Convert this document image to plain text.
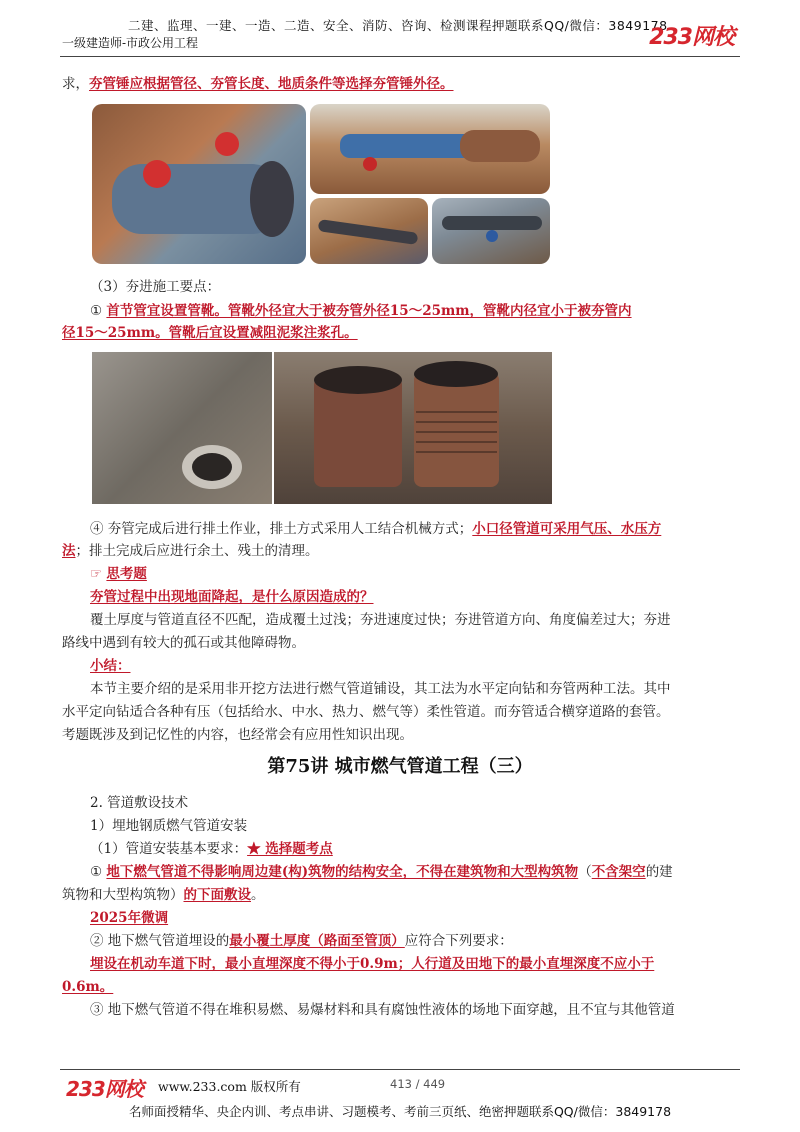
二建、监理、一建、一造、二造、安全、消防、咨询、检测课程押题联系QQ/微信：3849178
一级建造师-市政公用工程	233网校
求，夯管锤应根据管径、夯管长度、地质条件等选择夯管锤外径。
（3）夯进施工要点：
① 首节管宜设置管靴。管靴外径宜大于被夯管外径15～25mm，管靴内径宜小于被夯管内
径15～25mm。管靴后宜设置减阻泥浆注浆孔。
④ 夯管完成后进行排土作业，排土方式采用人工结合机械方式；小口径管道可采用气压、水压方
法；排土完成后应进行余土、残土的清理。
☞ 思考题
夯管过程中出现地面降起，是什么原因造成的？
覆土厚度与管道直径不匹配，造成覆土过浅；夯进速度过快；夯进管道方向、角度偏差过大；夯进
路线中遇到有较大的孤石或其他障碍物。
小结：
本节主要介绍的是采用非开挖方法进行燃气管道铺设，其工法为水平定向钻和夯管两种工法。其中
水平定向钻适合各种有压（包括给水、中水、热力、燃气等）柔性管道。而夯管适合横穿道路的套管。
考题既涉及到记忆性的内容，也经常会有应用性知识出现。
第75讲 城市燃气管道工程（三）
2. 管道敷设技术
1）埋地钢质燃气管道安装
（1）管道安装基本要求：★ 选择题考点
① 地下燃气管道不得影响周边建(构)筑物的结构安全，不得在建筑物和大型构筑物（不含架空的建
筑物和大型构筑物）的下面敷设。
2025年微调
② 地下燃气管道埋设的最小覆土厚度（路面至管顶）应符合下列要求：
埋设在机动车道下时，最小直埋深度不得小于0.9m；人行道及田地下的最小直埋深度不应小于
0.6m。
③ 地下燃气管道不得在堆积易燃、易爆材料和具有腐蚀性液体的场地下面穿越，且不宜与其他管道
233网校 www.233.com 版权所有	413 / 449
名师面授精华、央企内训、考点串讲、习题模考、考前三页纸、绝密押题联系QQ/微信：3849178
